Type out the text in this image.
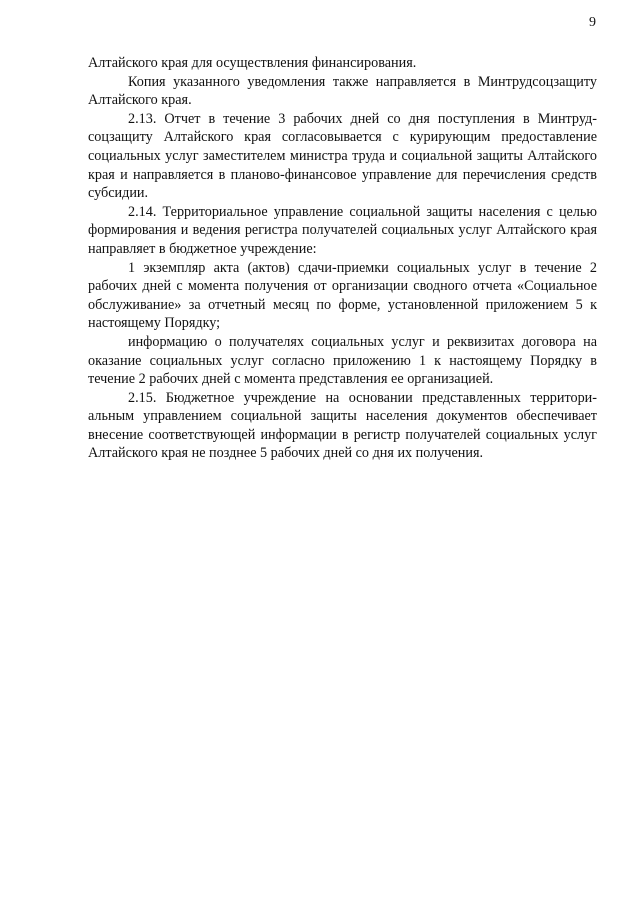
9

Алтайского края для осуществления финансирования.

Копия указанного уведомления также направляется в Минтрудсоцзащиту Алтайского края.

2.13. Отчет в течение 3 рабочих дней со дня поступления в Минтрудсоцзащиту Алтайского края согласовывается с курирующим предоставление социальных услуг заместителем министра труда и социальной защиты Алтайского края и направляется в планово-финансовое управление для перечисления средств субсидии.

2.14. Территориальное управление социальной защиты населения с целью формирования и ведения регистра получателей социальных услуг Алтайского края направляет в бюджетное учреждение:

1 экземпляр акта (актов) сдачи-приемки социальных услуг в течение 2 рабочих дней с момента получения от организации сводного отчета «Социальное обслуживание» за отчетный месяц по форме, установленной приложением 5 к настоящему Порядку;

информацию о получателях социальных услуг и реквизитах договора на оказание социальных услуг согласно приложению 1 к настоящему Порядку в течение 2 рабочих дней с момента представления ее организацией.

2.15. Бюджетное учреждение на основании представленных территориальным управлением социальной защиты населения документов обеспечивает внесение соответствующей информации в регистр получателей социальных услуг Алтайского края не позднее 5 рабочих дней со дня их получения.
